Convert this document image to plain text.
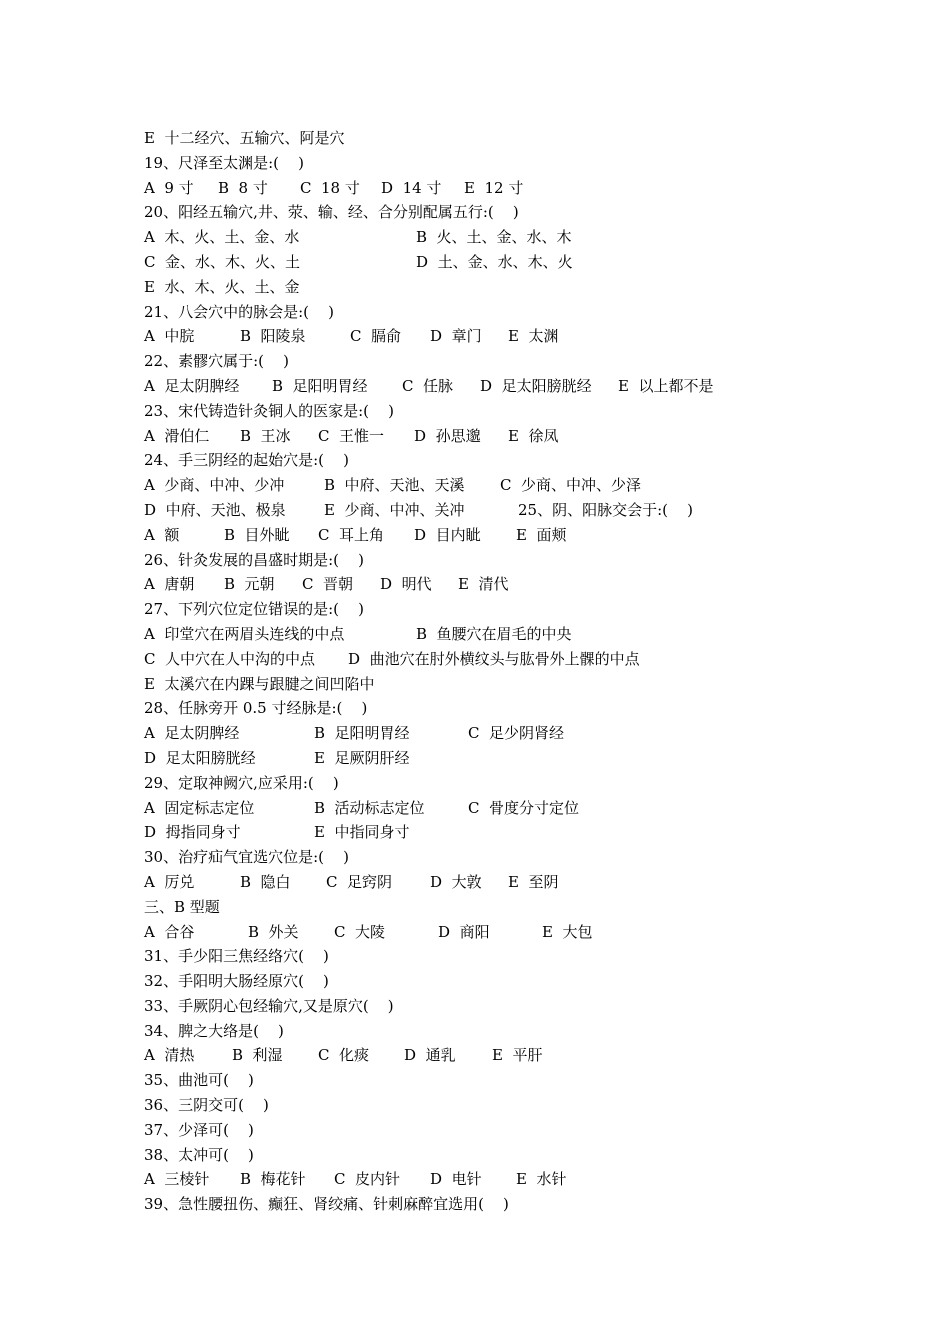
E  十二经穴、五输穴、阿是穴
19、尺泽至太渊是:(    )
A  9 寸 B  8 寸 C  18 寸 D  14 寸 E  12 寸
20、阳经五输穴,井、荥、输、经、合分别配属五行:(    )
A  木、火、土、金、水	B  火、土、金、水、木
C  金、水、木、火、土	D  土、金、水、木、火
E  水、木、火、土、金
21、八会穴中的脉会是:(    )
A  中脘	B  阳陵泉	C  膈俞 D  章门 E  太渊
22、素髎穴属于:(    )
A  足太阴脾经 B  足阳明胃经 C  任脉 D  足太阳膀胱经 E  以上都不是
23、宋代铸造针灸铜人的医家是:(    )
A  滑伯仁 B  王冰 C  王惟一 D  孙思邈 E  徐凤
24、手三阴经的起始穴是:(    )
A  少商、中冲、少冲	B  中府、天池、天溪 C  少商、中冲、少泽
D  中府、天池、极泉	E  少商、中冲、关冲	25、阴、阳脉交会于:(    )
A  额	B  目外眦 C  耳上角 D  目内眦 E  面颊
26、针灸发展的昌盛时期是:(    )
A  唐朝 B  元朝 C  晋朝 D  明代 E  清代
27、下列穴位定位错误的是:(    )
A  印堂穴在两眉头连线的中点	B  鱼腰穴在眉毛的中央
C  人中穴在人中沟的中点 D  曲池穴在肘外横纹头与肱骨外上髁的中点
E  太溪穴在内踝与跟腱之间凹陷中
28、任脉旁开 0.5 寸经脉是:(    )
A  足太阴脾经	B  足阳明胃经	C  足少阴肾经
D  足太阳膀胱经	E  足厥阴肝经
29、定取神阙穴,应采用:(    )
A  固定标志定位	B  活动标志定位	C  骨度分寸定位
D  拇指同身寸	E  中指同身寸
30、治疗疝气宜选穴位是:(    )
A  厉兑	B  隐白 C  足窍阴	D  大敦 E  至阴
三、B 型题
A  合谷	B  外关 C  大陵	D  商阳	E  大包
31、手少阳三焦经络穴(    )
32、手阳明大肠经原穴(    )
33、手厥阴心包经输穴,又是原穴(    )
34、脾之大络是(    )
A  清热	B  利湿 C  化痰 D  通乳 E  平肝
35、曲池可(    )
36、三阴交可(    )
37、少泽可(    )
38、太冲可(    )
A  三棱针 B  梅花针 C  皮内针 D  电针 E  水针
39、急性腰扭伤、癫狂、肾绞痛、针刺麻醉宜选用(    )
